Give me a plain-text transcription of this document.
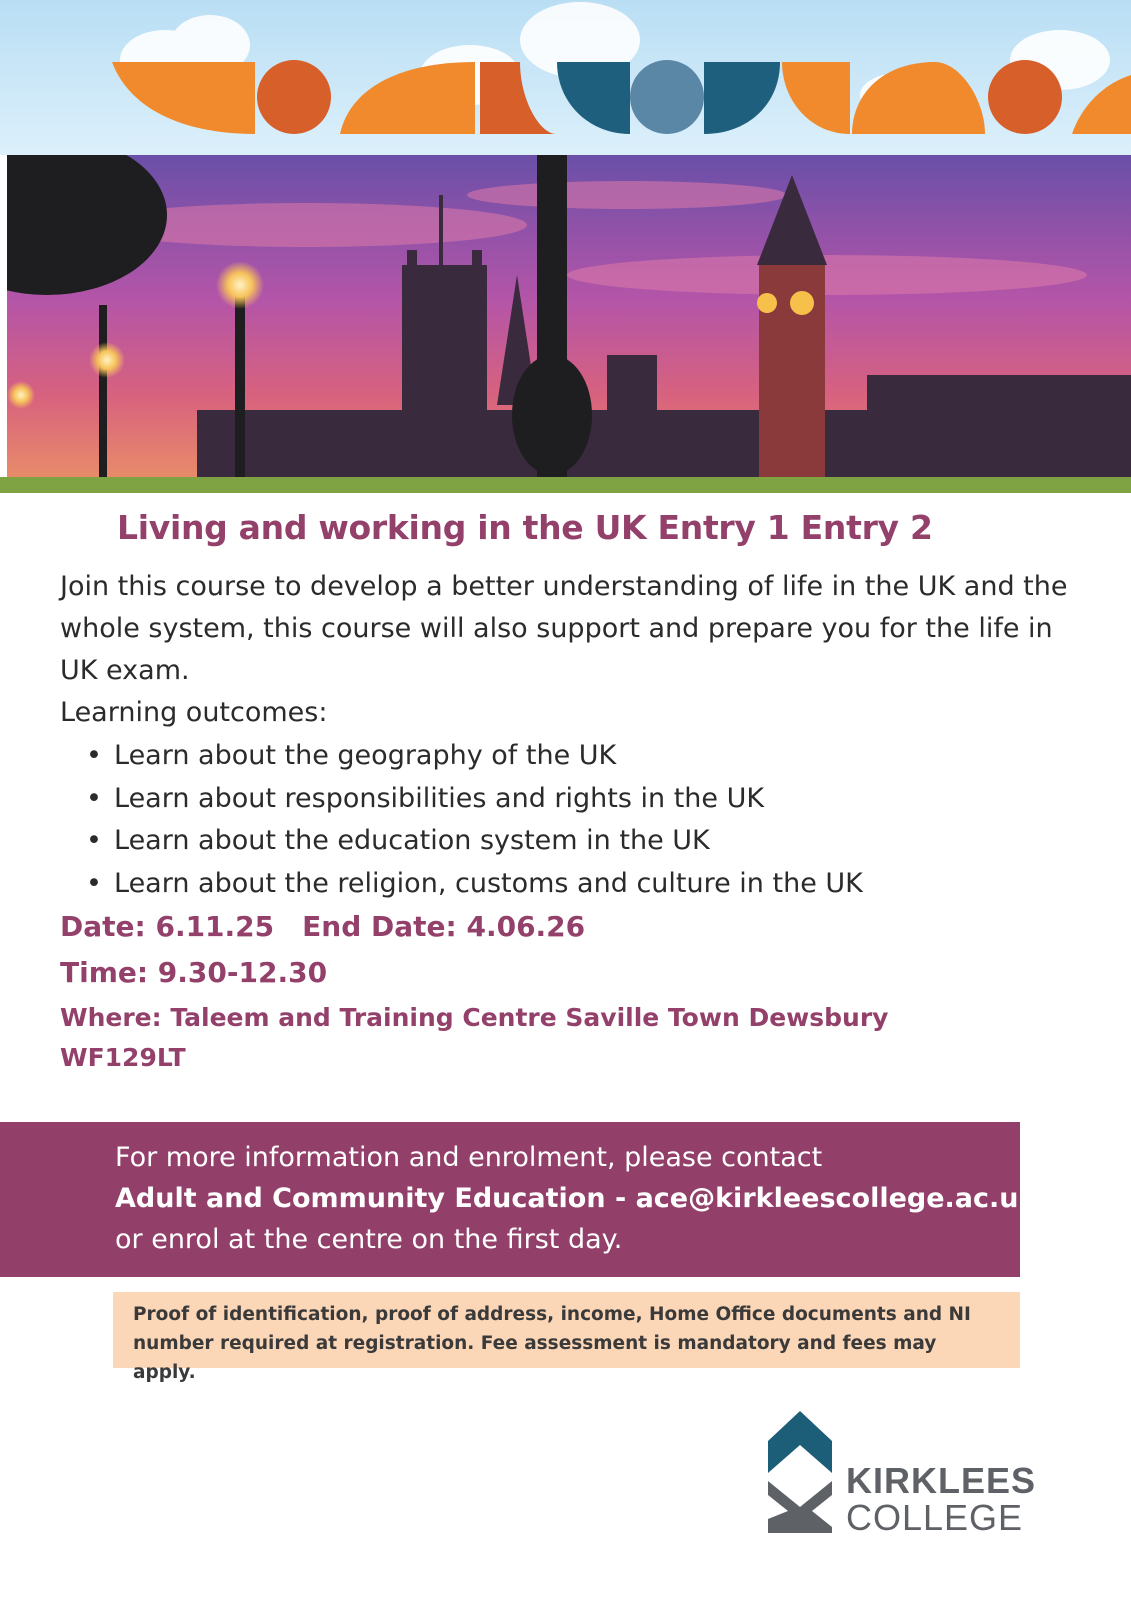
Living and working in the UK Entry 1 Entry 2
Join this course to develop a better understanding of life in the UK and the whole system, this course will also support and prepare you for the life in UK exam.
Learning outcomes:
• Learn about the geography of the UK
• Learn about responsibilities and rights in the UK
• Learn about the education system in the UK
• Learn about the religion, customs and culture in the UK
Date: 6.11.25 End Date: 4.06.26
Time: 9.30-12.30
Where: Taleem and Training Centre Saville Town Dewsbury
WF129LT
For more information and enrolment, please contact
Adult and Community Education - ace@kirkleescollege.ac.uk
or enrol at the centre on the first day.
Proof of identification, proof of address, income, Home Office documents and NI number required at registration. Fee assessment is mandatory and fees may apply.
KIRKLEES
COLLEGE
